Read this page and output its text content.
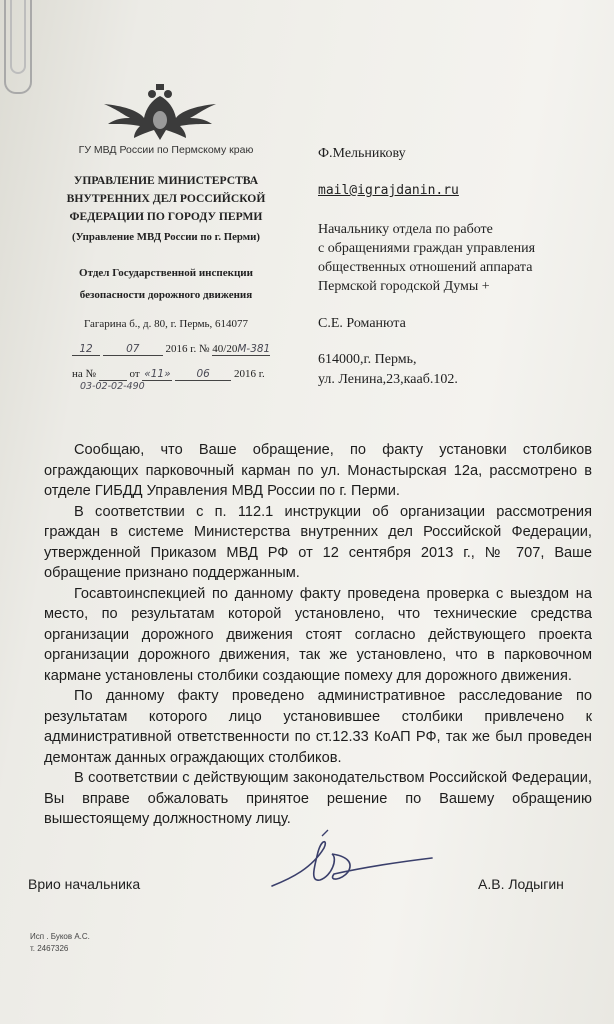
ГУ МВД России по Пермскому краю
УПРАВЛЕНИЕ МИНИСТЕРСТВА
ВНУТРЕННИХ ДЕЛ РОССИЙСКОЙ
ФЕДЕРАЦИИ ПО ГОРОДУ ПЕРМИ
(Управление МВД России по г. Перми)
Отдел Государственной инспекции
безопасности дорожного движения
Гагарина б., д. 80, г. Пермь, 614077
12	07 2016 г. № 40/20М-381
на №	от «11» 06 2016 г.
03-02-02-490
Ф.Мельникову
mail@igrajdanin.ru
Начальнику отдела по работе
с обращениями граждан управления
общественных отношений аппарата
Пермской городской Думы +
С.Е. Романюта
614000,г. Пермь,
ул. Ленина,23,кааб.102.

Сообщаю, что Ваше обращение, по факту установки столбиков ограждающих парковочный карман по ул. Монастырская 12а, рассмотрено в отделе ГИБДД Управления МВД России по г. Перми.

В соответствии с п. 112.1 инструкции об организации рассмотрения граждан в системе Министерства внутренних дел Российской Федерации, утвержденной Приказом МВД РФ от 12 сентября 2013 г., № 707, Ваше обращение признано поддержанным.

Госавтоинспекцией по данному факту проведена проверка с выездом на место, по результатам которой установлено, что технические средства организации дорожного движения стоят согласно действующего проекта организации дорожного движения, так же установлено, что в парковочном кармане установлены столбики создающие помеху для дорожного движения.

По данному факту проведено административное расследование по результатам которого лицо установившее столбики привлечено к административной ответственности по ст.12.33 КоАП РФ, так же был проведен демонтаж данных ограждающих столбиков.

В соответствии с действующим законодательством Российской Федерации, Вы вправе обжаловать принятое решение по Вашему обращению вышестоящему должностному лицу.

Врио начальника	А.В. Лодыгин
Исп . Буков А.С.
т. 2467326
